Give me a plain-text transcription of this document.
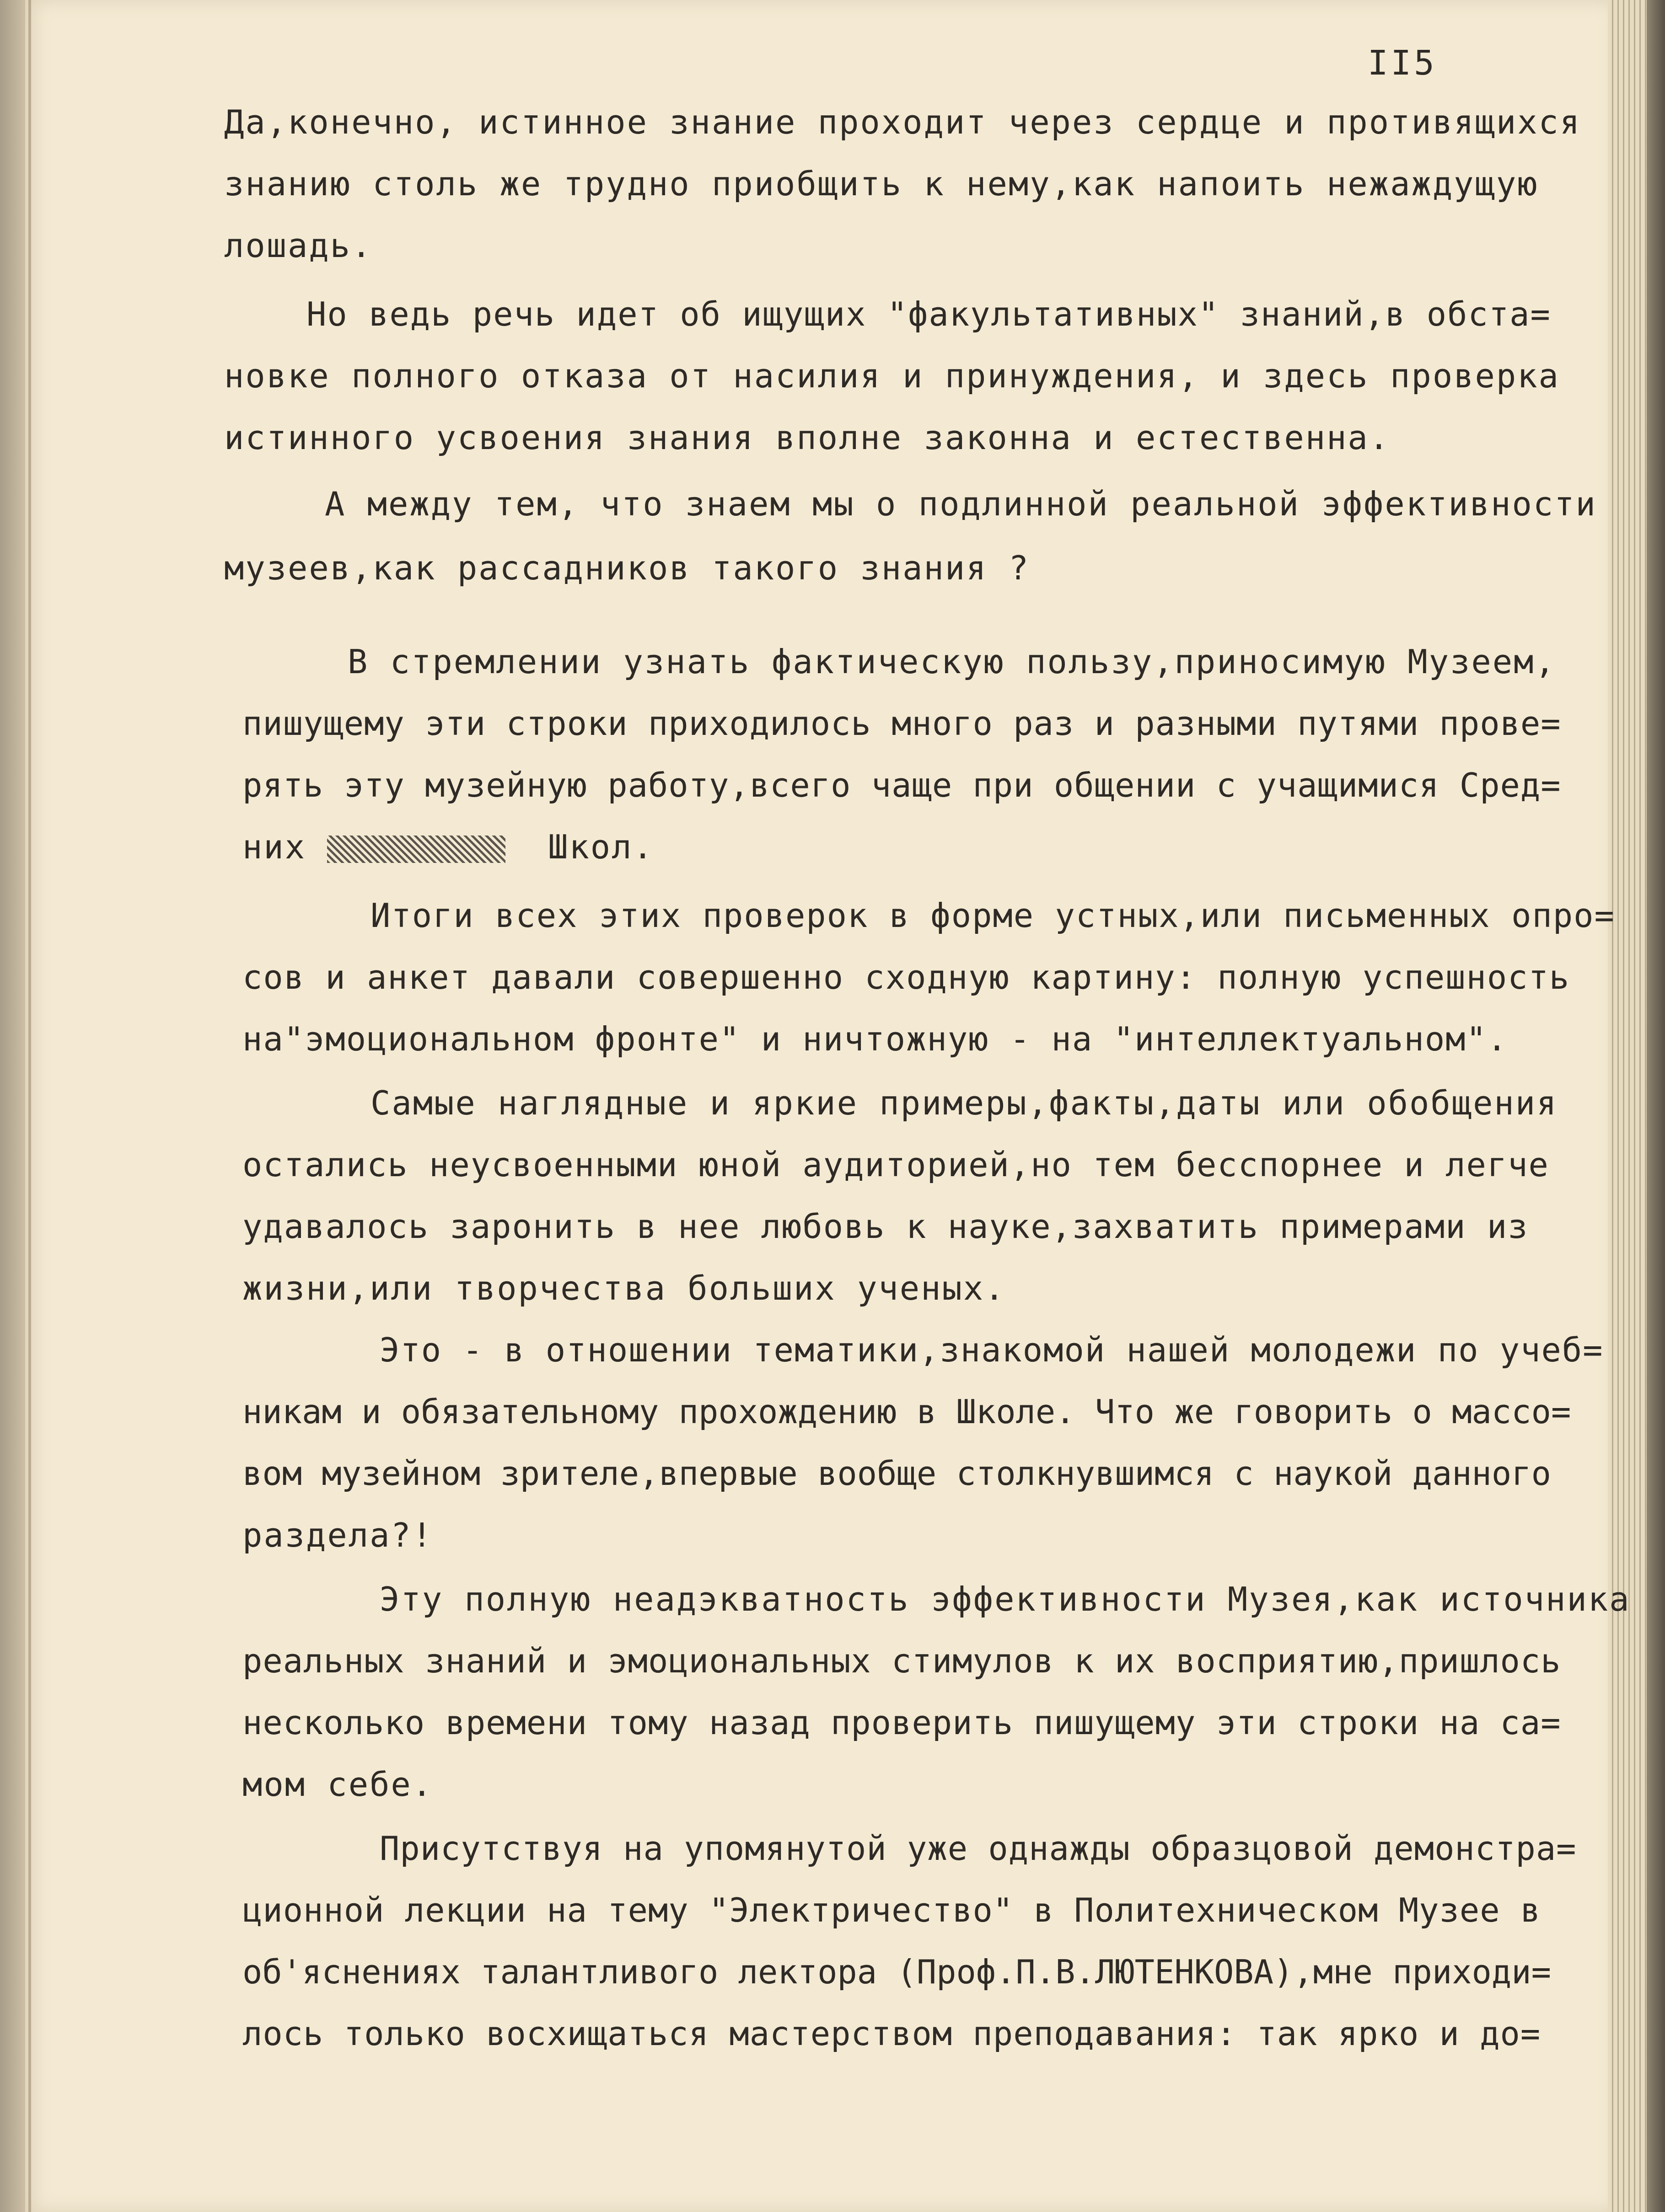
II5
Да,конечно, истинное знание проходит через сердце и противящихся
знанию столь же трудно приобщить к нему,как напоить нежаждущую
лошадь.
Но ведь речь идет об ищущих "факультативных" знаний,в обста=
новке полного отказа от насилия и принуждения, и здесь проверка
истинного усвоения знания вполне законна и естественна.
А между тем, что знаем мы о подлинной реальной эффективности
музеев,как рассадников такого знания ?
В стремлении узнать фактическую пользу,приносимую Музеем,
пишущему эти строки приходилось много раз и разными путями прове=
рять эту музейную работу,всего чаще при общении с учащимися Сред=
них	Школ.
Итоги всех этих проверок в форме устных,или письменных опро=
сов и анкет давали совершенно сходную картину: полную успешность
на"эмоциональном фронте" и ничтожную - на "интеллектуальном".
Самые наглядные и яркие примеры,факты,даты или обобщения
остались неусвоенными юной аудиторией,но тем бесспорнее и легче
удавалось заронить в нее любовь к науке,захватить примерами из
жизни,или творчества больших ученых.
Это - в отношении тематики,знакомой нашей молодежи по учеб=
никам и обязательному прохождению в Школе. Что же говорить о массо=
вом музейном зрителе,впервые вообще столкнувшимся с наукой данного
раздела?!
Эту полную неадэкватность эффективности Музея,как источника
реальных знаний и эмоциональных стимулов к их восприятию,пришлось
несколько времени тому назад проверить пишущему эти строки на са=
мом себе.
Присутствуя на упомянутой уже однажды образцовой демонстра=
ционной лекции на тему "Электричество" в Политехническом Музее в
об'яснениях талантливого лектора (Проф.П.В.ЛЮТЕНКОВА),мне приходи=
лось только восхищаться мастерством преподавания: так ярко и до=
